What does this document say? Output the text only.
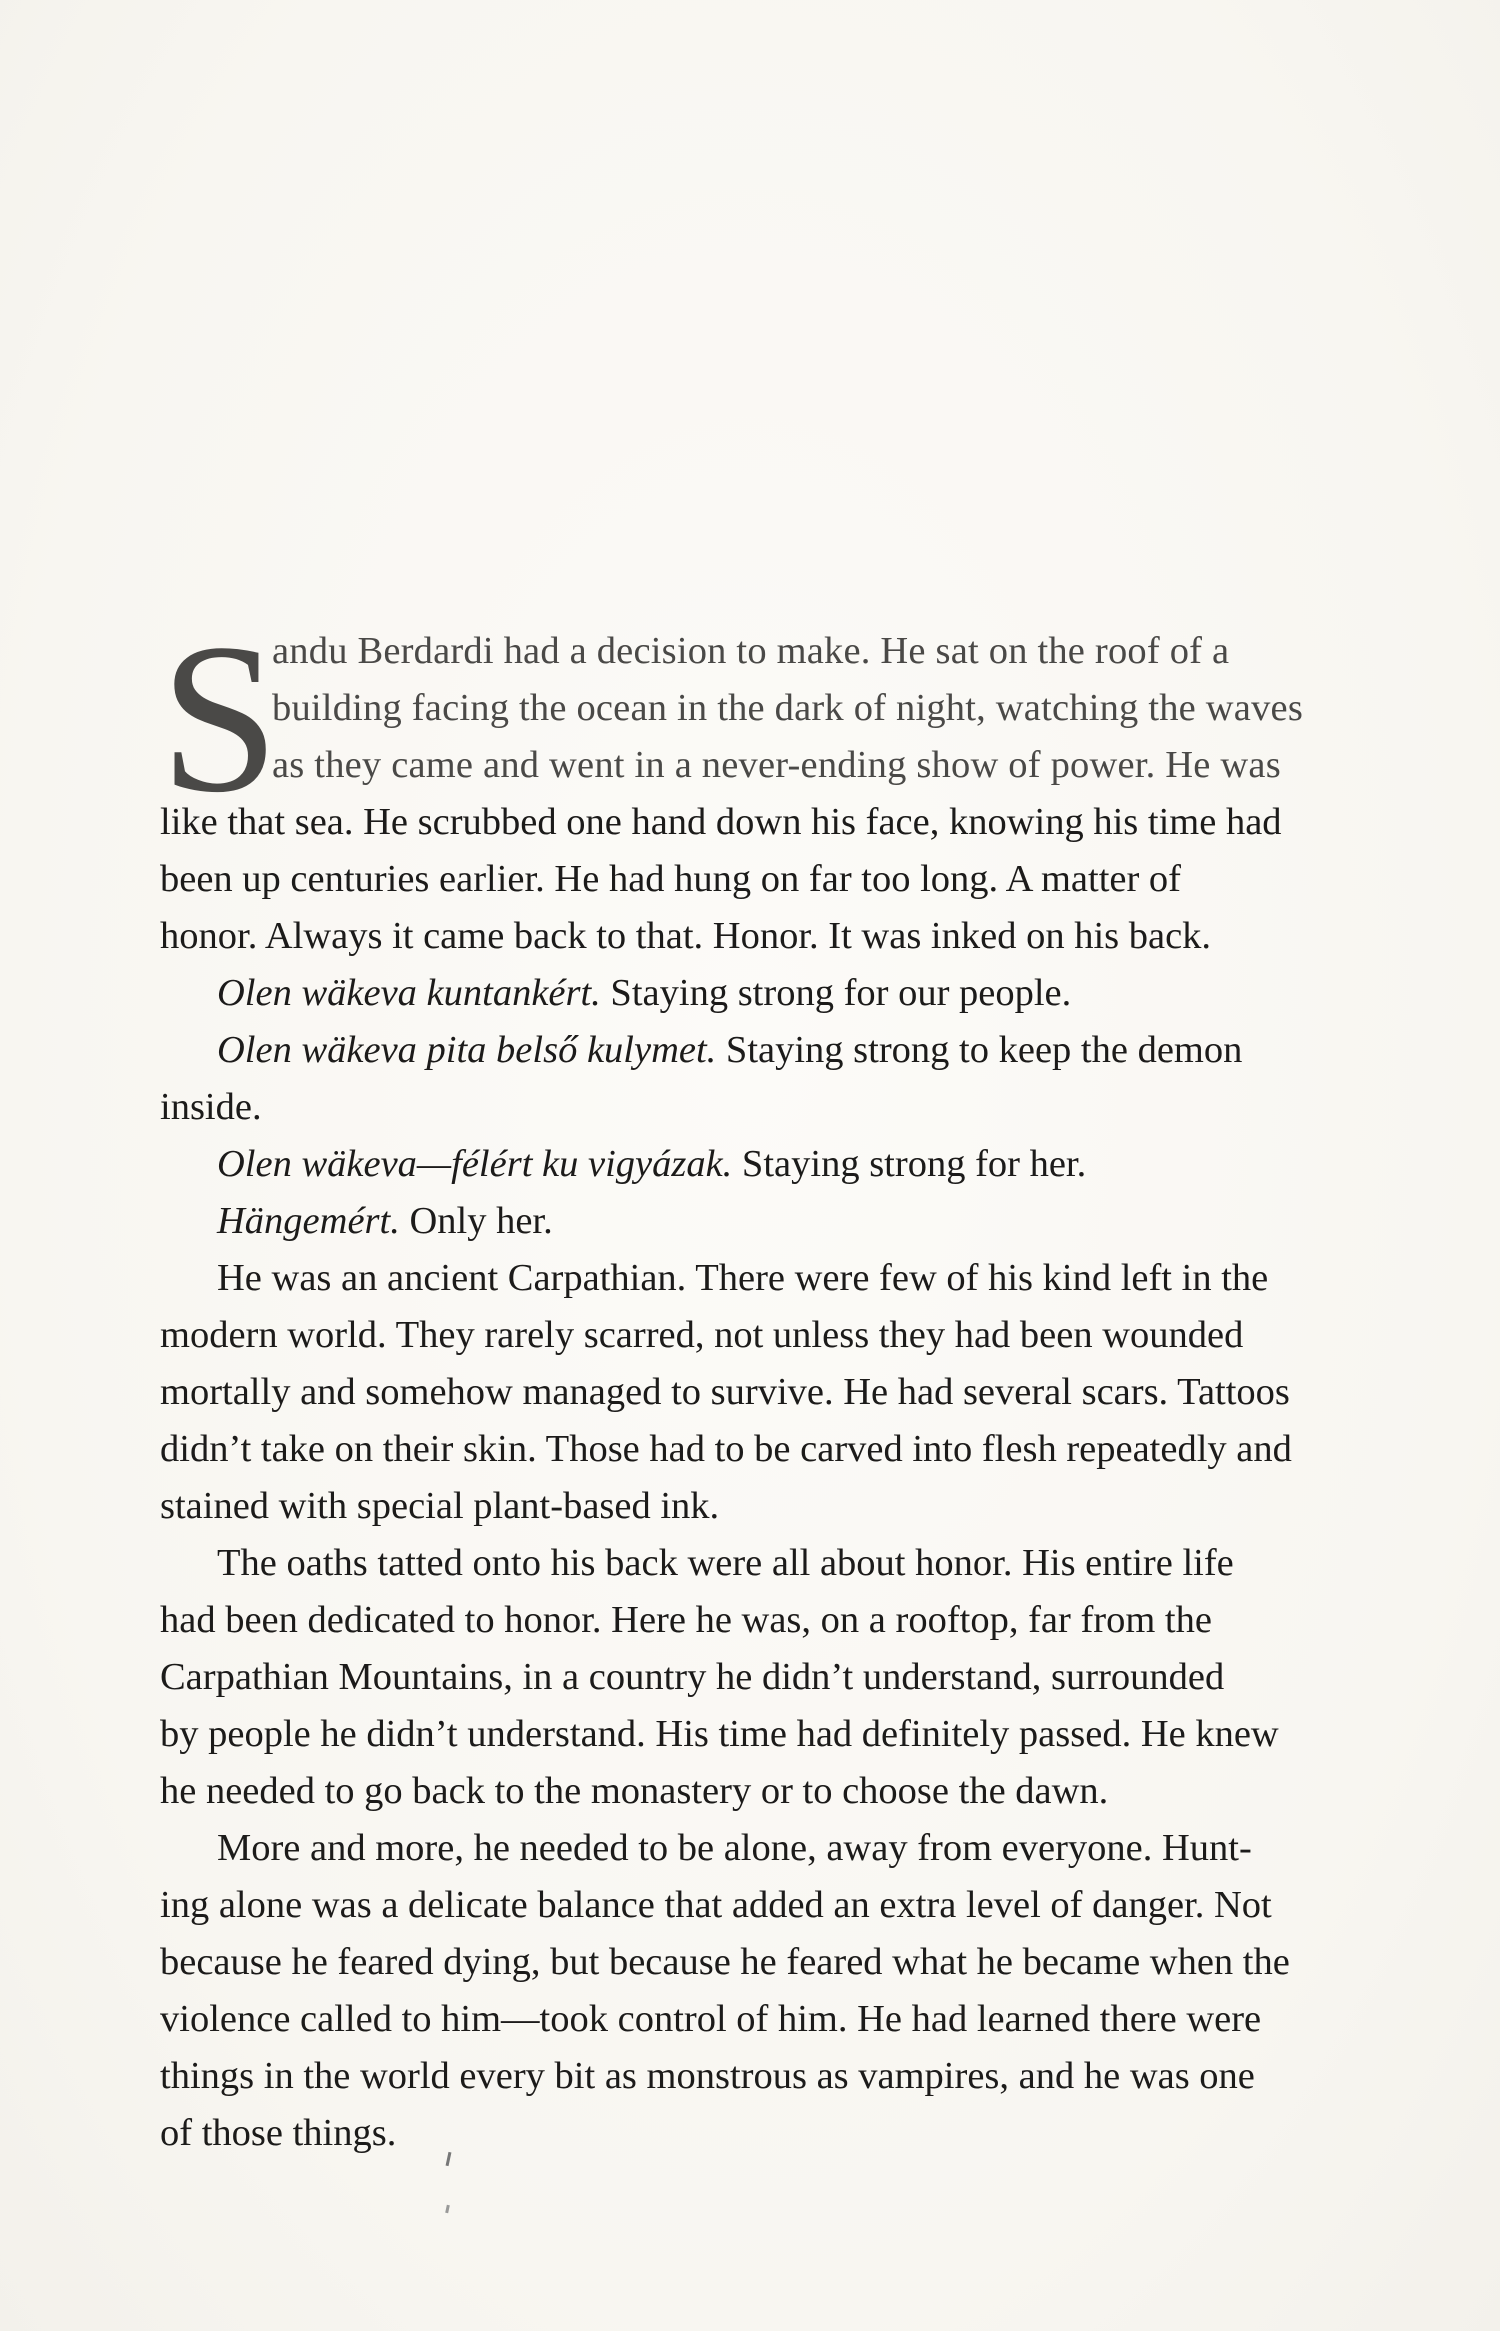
S
andu Berdardi had a decision to make. He sat on the roof of a
building facing the ocean in the dark of night, watching the waves
as they came and went in a never-ending show of power. He was
like that sea. He scrubbed one hand down his face, knowing his time had
been up centuries earlier. He had hung on far too long. A matter of
honor. Always it came back to that. Honor. It was inked on his back.
Olen wäkeva kuntankért. Staying strong for our people.
Olen wäkeva pita belső kulymet. Staying strong to keep the demon
inside.
Olen wäkeva—félért ku vigyázak. Staying strong for her.
Hängemért. Only her.
He was an ancient Carpathian. There were few of his kind left in the
modern world. They rarely scarred, not unless they had been wounded
mortally and somehow managed to survive. He had several scars. Tattoos
didn’t take on their skin. Those had to be carved into flesh repeatedly and
stained with special plant-based ink.
The oaths tatted onto his back were all about honor. His entire life
had been dedicated to honor. Here he was, on a rooftop, far from the
Carpathian Mountains, in a country he didn’t understand, surrounded
by people he didn’t understand. His time had definitely passed. He knew
he needed to go back to the monastery or to choose the dawn.
More and more, he needed to be alone, away from everyone. Hunt-
ing alone was a delicate balance that added an extra level of danger. Not
because he feared dying, but because he feared what he became when the
violence called to him—took control of him. He had learned there were
things in the world every bit as monstrous as vampires, and he was one
of those things.
